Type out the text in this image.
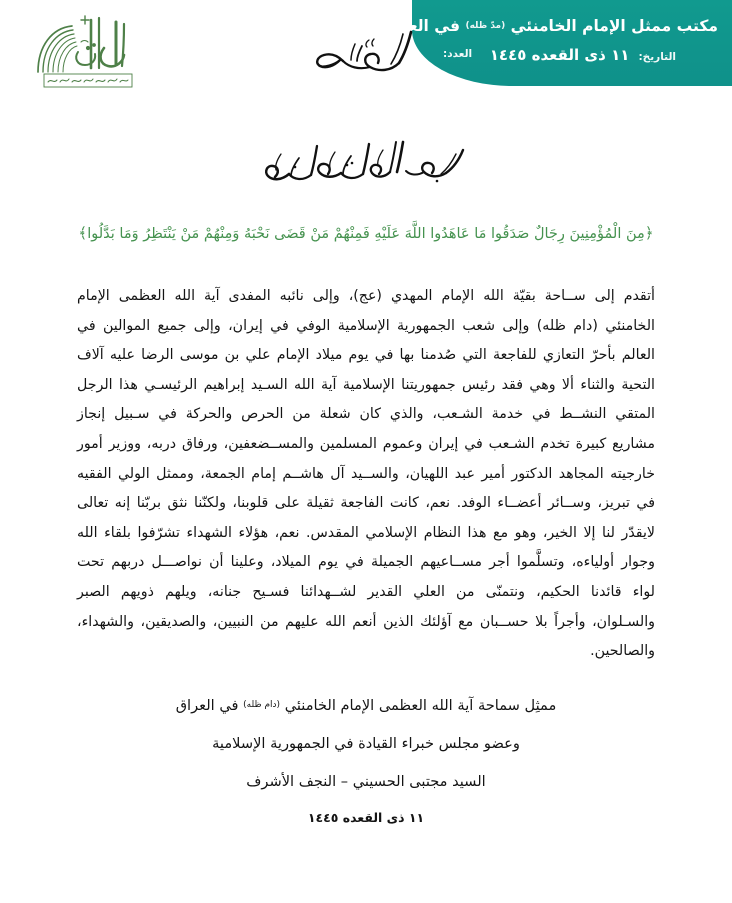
مكتب ممثل الإمام الخامنئي (مدّ ظله) في العراق
العدد:	التاريخ: ١١ ذى القعده ١٤٤٥
﴿مِنَ الْمُؤْمِنِينَ رِجَالٌ صَدَقُوا مَا عَاهَدُوا اللَّهَ عَلَيْهِ فَمِنْهُمْ مَنْ قَضَى نَحْبَهُ وَمِنْهُمْ مَنْ يَنْتَظِرُ وَمَا بَدَّلُوا﴾
أتقدم إلى ســاحة بقيّة الله الإمام المهدي (عج)، وإلى نائبه المفدى آية الله العظمى الإمام الخامنئي (دام ظله) وإلى شعب الجمهورية الإسلامية الوفي في إيران، وإلى جميع الموالين في العالم بأحرّ التعازي للفاجعة التي صُدمنا بها في يوم ميلاد الإمام علي بن موسى الرضا عليه آلاف التحية والثناء ألا وهي فقد رئيس جمهوريتنا الإسلامية آية الله السـيد إبراهيم الرئيسـي هذا الرجل المتقي النشــط في خدمة الشـعب، والذي كان شعلة من الحرص والحركة في سـبيل إنجاز مشاريع كبيرة تخدم الشـعب في إيران وعموم المسلمين والمســضعفين، ورفاق دربه، ووزير أمور خارجيته المجاهد الدكتور أمير عبد اللهيان، والســيد آل هاشــم إمام الجمعة، وممثل الولي الفقيه في تبريز، وســائر أعضــاء الوفد. نعم، كانت الفاجعة ثقيلة على قلوبنا، ولكنّنا نثق بربّنا إنه تعالى لايقدّر لنا إلا الخير، وهو مع هذا النظام الإسلامي المقدس. نعم، هؤلاء الشهداء تشرّفوا بلقاء الله وجوار أولياءه، وتسلَّموا أجر مســاعيهم الجميلة في يوم الميلاد، وعلينا أن نواصـــل دربهم تحت لواء قائدنا الحكيم، ونتمنّى من العلي القدير لشــهدائنا فسـيح جنانه، ويلهم ذويهم الصبر والسـلوان، وأجراً بلا حســبان مع آؤلئك الذين أنعم الله عليهم من النبيين، والصديقين، والشهداء، والصالحين.
ممثِل سماحة آية الله العظمى الإمام الخامنئي $^{(دام ظله)}$ في العراق
وعضو مجلس خبراء القيادة في الجمهورية الإسلامية
السيد مجتبى الحسيني – النجف الأشرف
١١ ذى القعده ١٤٤٥
